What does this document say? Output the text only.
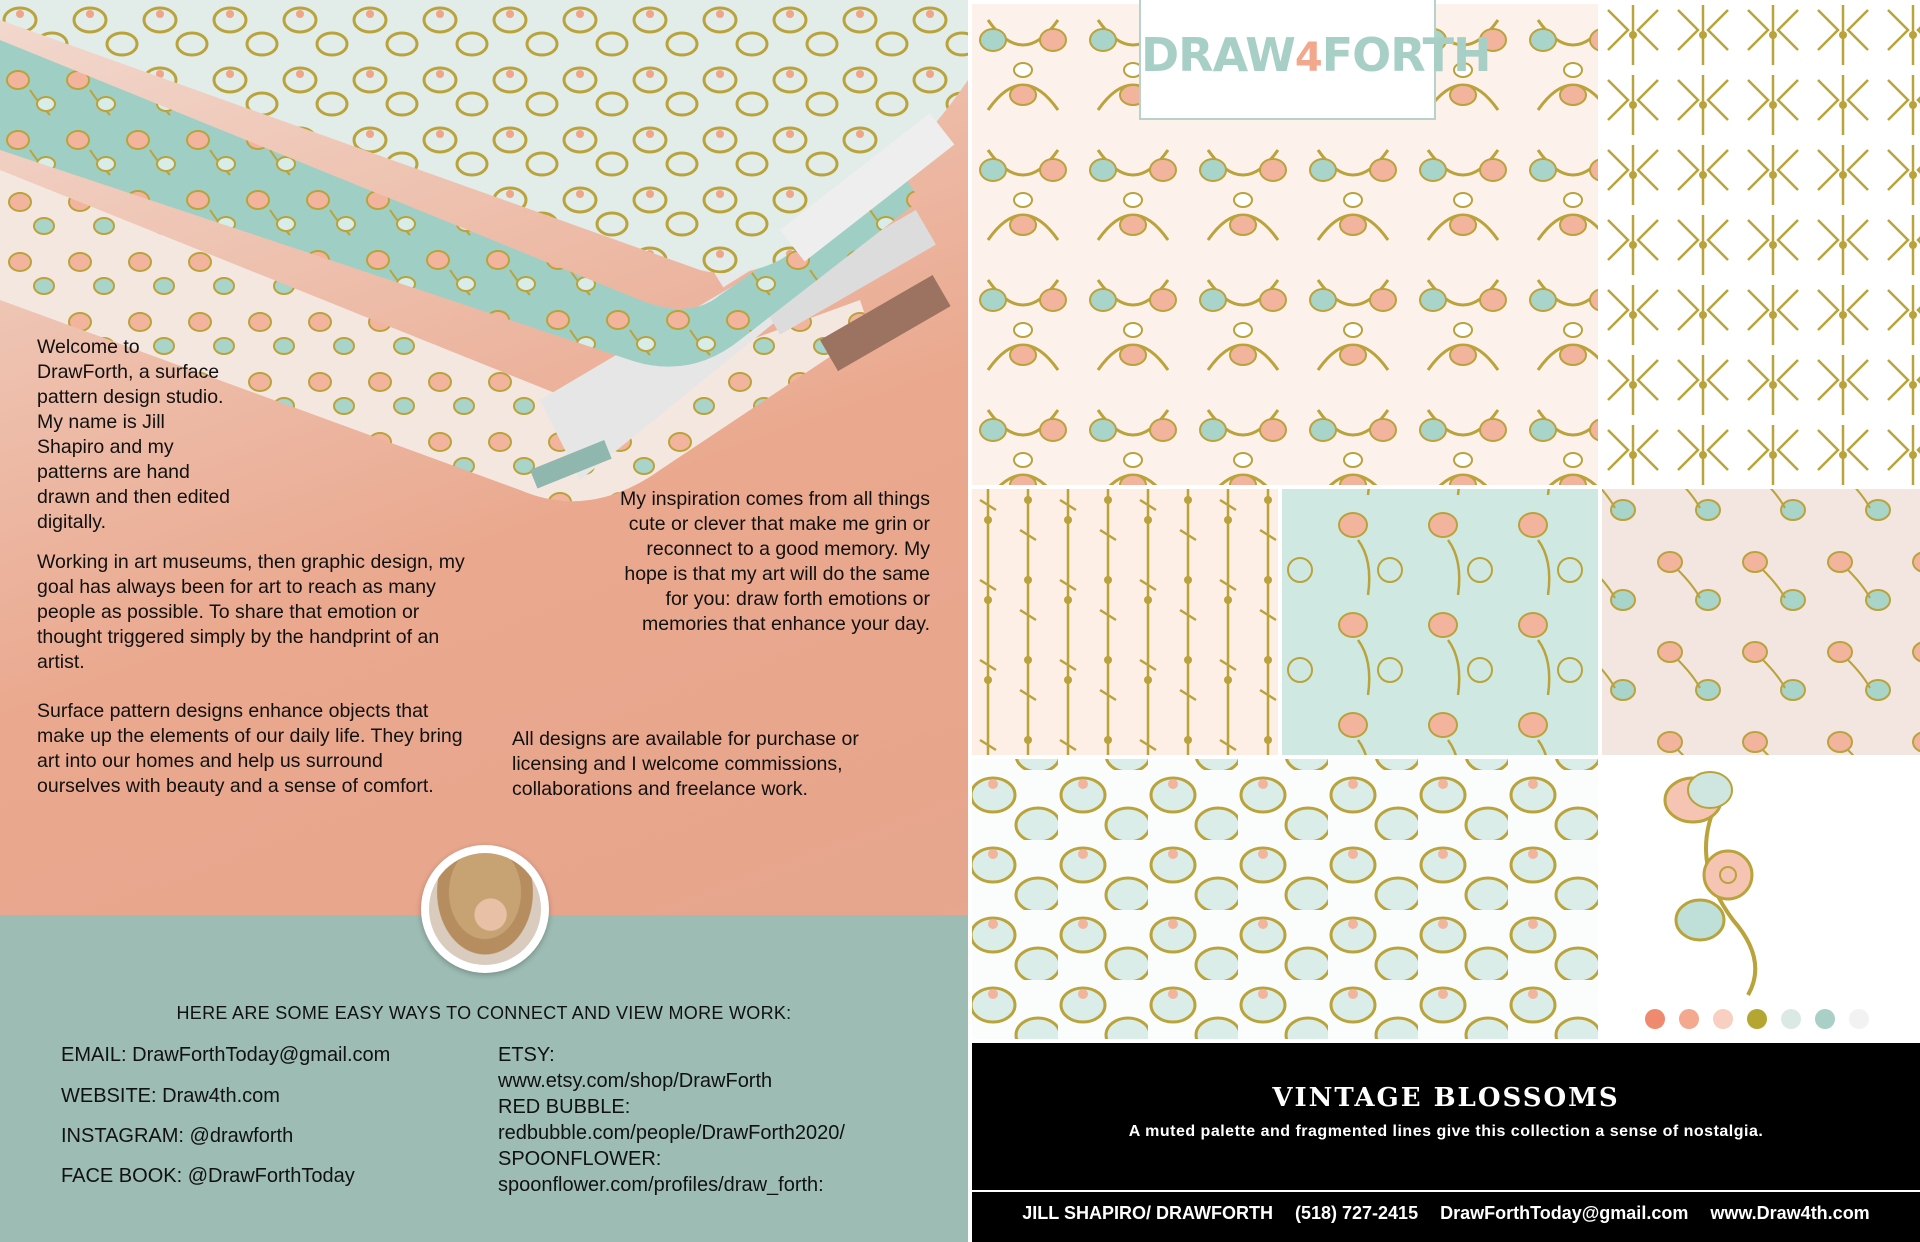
Welcome to DrawForth, a surface pattern design studio. My name is Jill Shapiro and my patterns are hand drawn and then edited digitally.

Working in art museums, then graphic design, my goal has always been for art to reach as many people as possible. To share that emotion or thought triggered simply by the handprint of an artist.

Surface pattern designs enhance objects that make up the elements of our daily life. They bring art into our homes and help us surround ourselves with beauty and a sense of comfort.

My inspiration comes from all things cute or clever that make me grin or reconnect to a good memory. My hope is that my art will do the same for you: draw forth emotions or memories that enhance your day.

All designs are available for purchase or licensing and I welcome commissions, collaborations and freelance work.

HERE ARE SOME EASY WAYS TO CONNECT AND VIEW MORE WORK:
EMAIL: DrawForthToday@gmail.com
WEBSITE: Draw4th.com
INSTAGRAM: @drawforth
FACE BOOK: @DrawForthToday
ETSY:
www.etsy.com/shop/DrawForth
RED BUBBLE:
redbubble.com/people/DrawForth2020/
SPOONFLOWER:
spoonflower.com/profiles/draw_forth:
DRAW4FORTH
VINTAGE BLOSSOMS
A muted palette and fragmented lines give this collection a sense of nostalgia.
JILL SHAPIRO/ DRAWFORTH (518) 727-2415 DrawForthToday@gmail.com www.Draw4th.com
